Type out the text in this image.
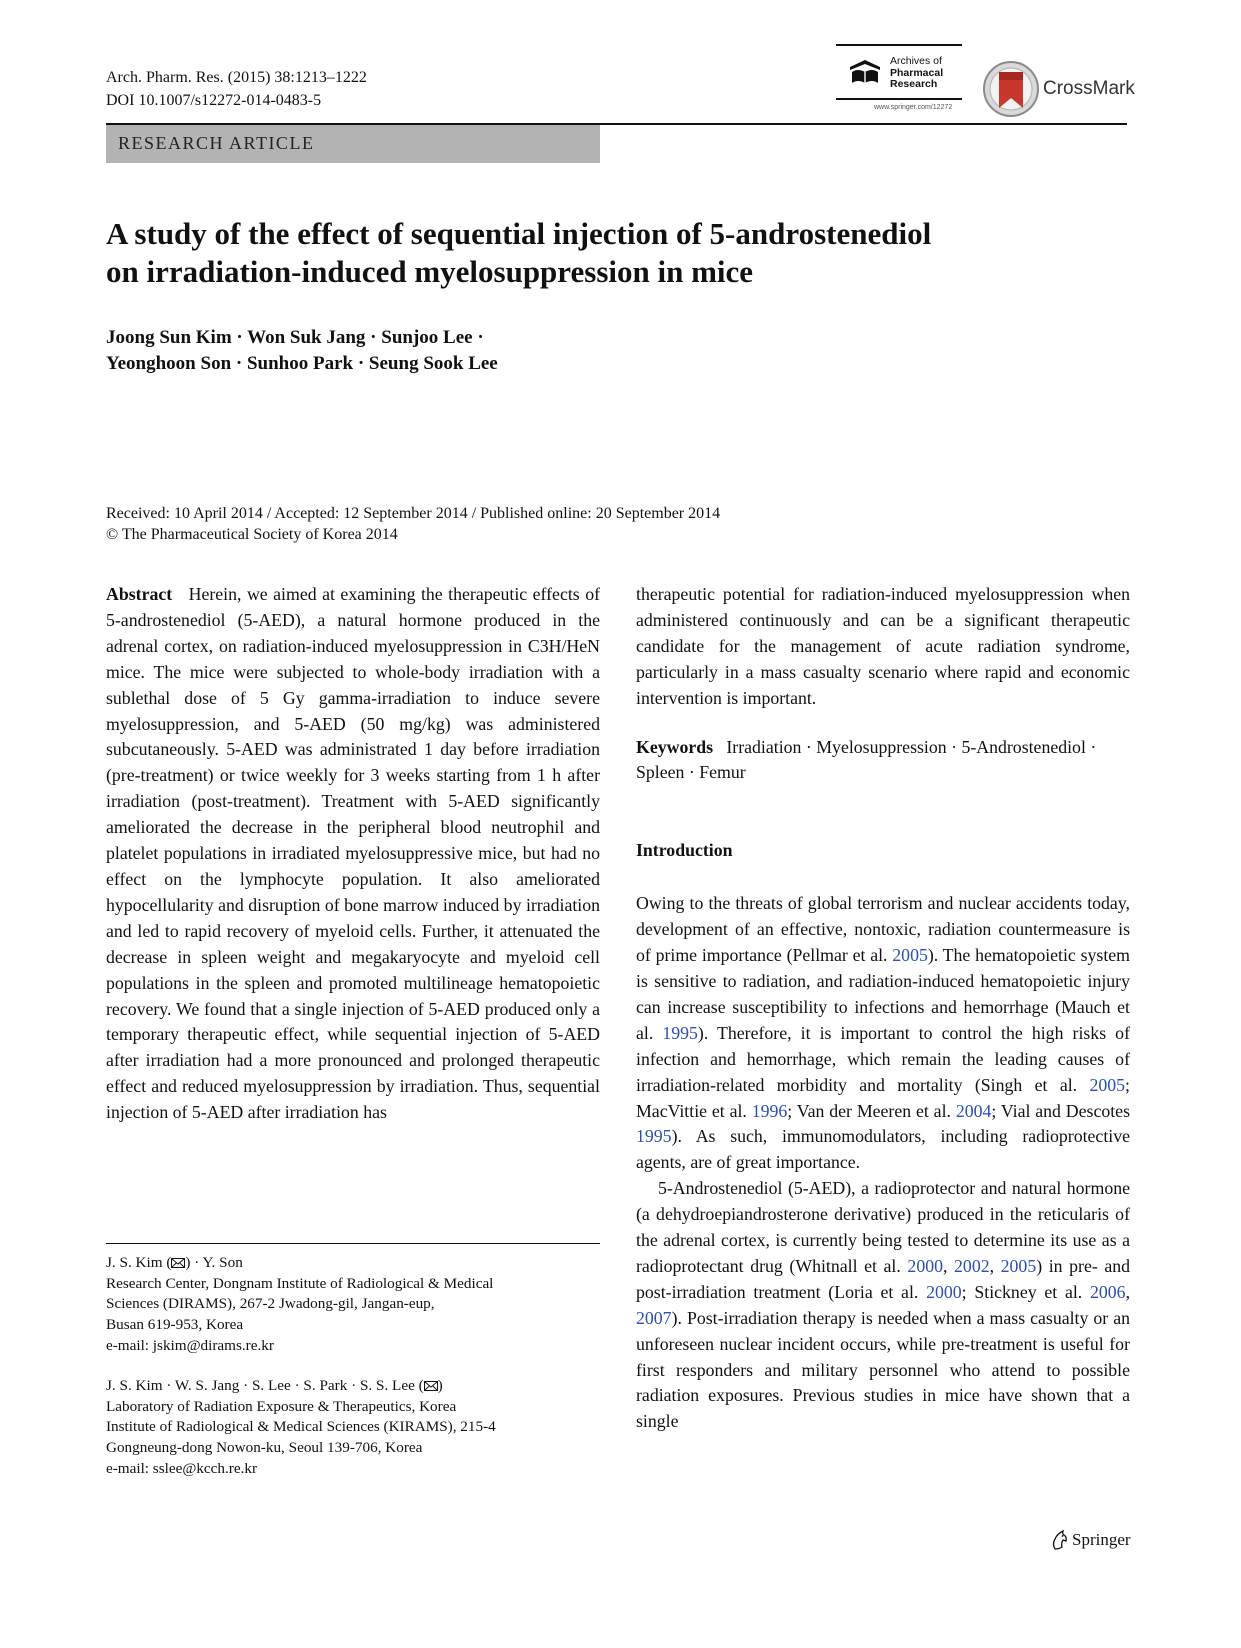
Arch. Pharm. Res. (2015) 38:1213–1222
DOI 10.1007/s12272-014-0483-5
Archives of
Pharmacal
Research
www.springer.com/12272
CrossMark
RESEARCH ARTICLE
A study of the effect of sequential injection of 5-androstenediol
on irradiation-induced myelosuppression in mice
Joong Sun Kim · Won Suk Jang · Sunjoo Lee ·
Yeonghoon Son · Sunhoo Park · Seung Sook Lee
Received: 10 April 2014 / Accepted: 12 September 2014 / Published online: 20 September 2014
© The Pharmaceutical Society of Korea 2014

Abstract Herein, we aimed at examining the therapeutic effects of 5-androstenediol (5-AED), a natural hormone produced in the adrenal cortex, on radiation-induced myelosuppression in C3H/HeN mice. The mice were subjected to whole-body irradiation with a sublethal dose of 5 Gy gamma-irradiation to induce severe myelosuppression, and 5-AED (50 mg/kg) was administered subcutaneously. 5-AED was administrated 1 day before irradiation (pre-treatment) or twice weekly for 3 weeks starting from 1 h after irradiation (post-treatment). Treatment with 5-AED significantly ameliorated the decrease in the peripheral blood neutrophil and platelet populations in irradiated myelosuppressive mice, but had no effect on the lymphocyte population. It also ameliorated hypocellularity and disruption of bone marrow induced by irradiation and led to rapid recovery of myeloid cells. Further, it attenuated the decrease in spleen weight and megakaryocyte and myeloid cell populations in the spleen and promoted multilineage hematopoietic recovery. We found that a single injection of 5-AED produced only a temporary therapeutic effect, while sequential injection of 5-AED after irradiation had a more pronounced and prolonged therapeutic effect and reduced myelosuppression by irradiation. Thus, sequential injection of 5-AED after irradiation has

J. S. Kim ( ) · Y. Son
Research Center, Dongnam Institute of Radiological & Medical
Sciences (DIRAMS), 267-2 Jwadong-gil, Jangan-eup,
Busan 619-953, Korea
e-mail: jskim@dirams.re.kr
J. S. Kim · W. S. Jang · S. Lee · S. Park · S. S. Lee ( )
Laboratory of Radiation Exposure & Therapeutics, Korea
Institute of Radiological & Medical Sciences (KIRAMS), 215-4
Gongneung-dong Nowon-ku, Seoul 139-706, Korea
e-mail: sslee@kcch.re.kr

therapeutic potential for radiation-induced myelosuppression when administered continuously and can be a significant therapeutic candidate for the management of acute radiation syndrome, particularly in a mass casualty scenario where rapid and economic intervention is important.

Keywords Irradiation · Myelosuppression · 5-Androstenediol · Spleen · Femur

Introduction

Owing to the threats of global terrorism and nuclear accidents today, development of an effective, nontoxic, radiation countermeasure is of prime importance (Pellmar et al. 2005). The hematopoietic system is sensitive to radiation, and radiation-induced hematopoietic injury can increase susceptibility to infections and hemorrhage (Mauch et al. 1995). Therefore, it is important to control the high risks of infection and hemorrhage, which remain the leading causes of irradiation-related morbidity and mortality (Singh et al. 2005; MacVittie et al. 1996; Van der Meeren et al. 2004; Vial and Descotes 1995). As such, immunomodulators, including radioprotective agents, are of great importance.

5-Androstenediol (5-AED), a radioprotector and natural hormone (a dehydroepiandrosterone derivative) produced in the reticularis of the adrenal cortex, is currently being tested to determine its use as a radioprotectant drug (Whitnall et al. 2000, 2002, 2005) in pre- and post-irradiation treatment (Loria et al. 2000; Stickney et al. 2006, 2007). Post-irradiation therapy is needed when a mass casualty or an unforeseen nuclear incident occurs, while pre-treatment is useful for first responders and military personnel who attend to possible radiation exposures. Previous studies in mice have shown that a single

Springer
